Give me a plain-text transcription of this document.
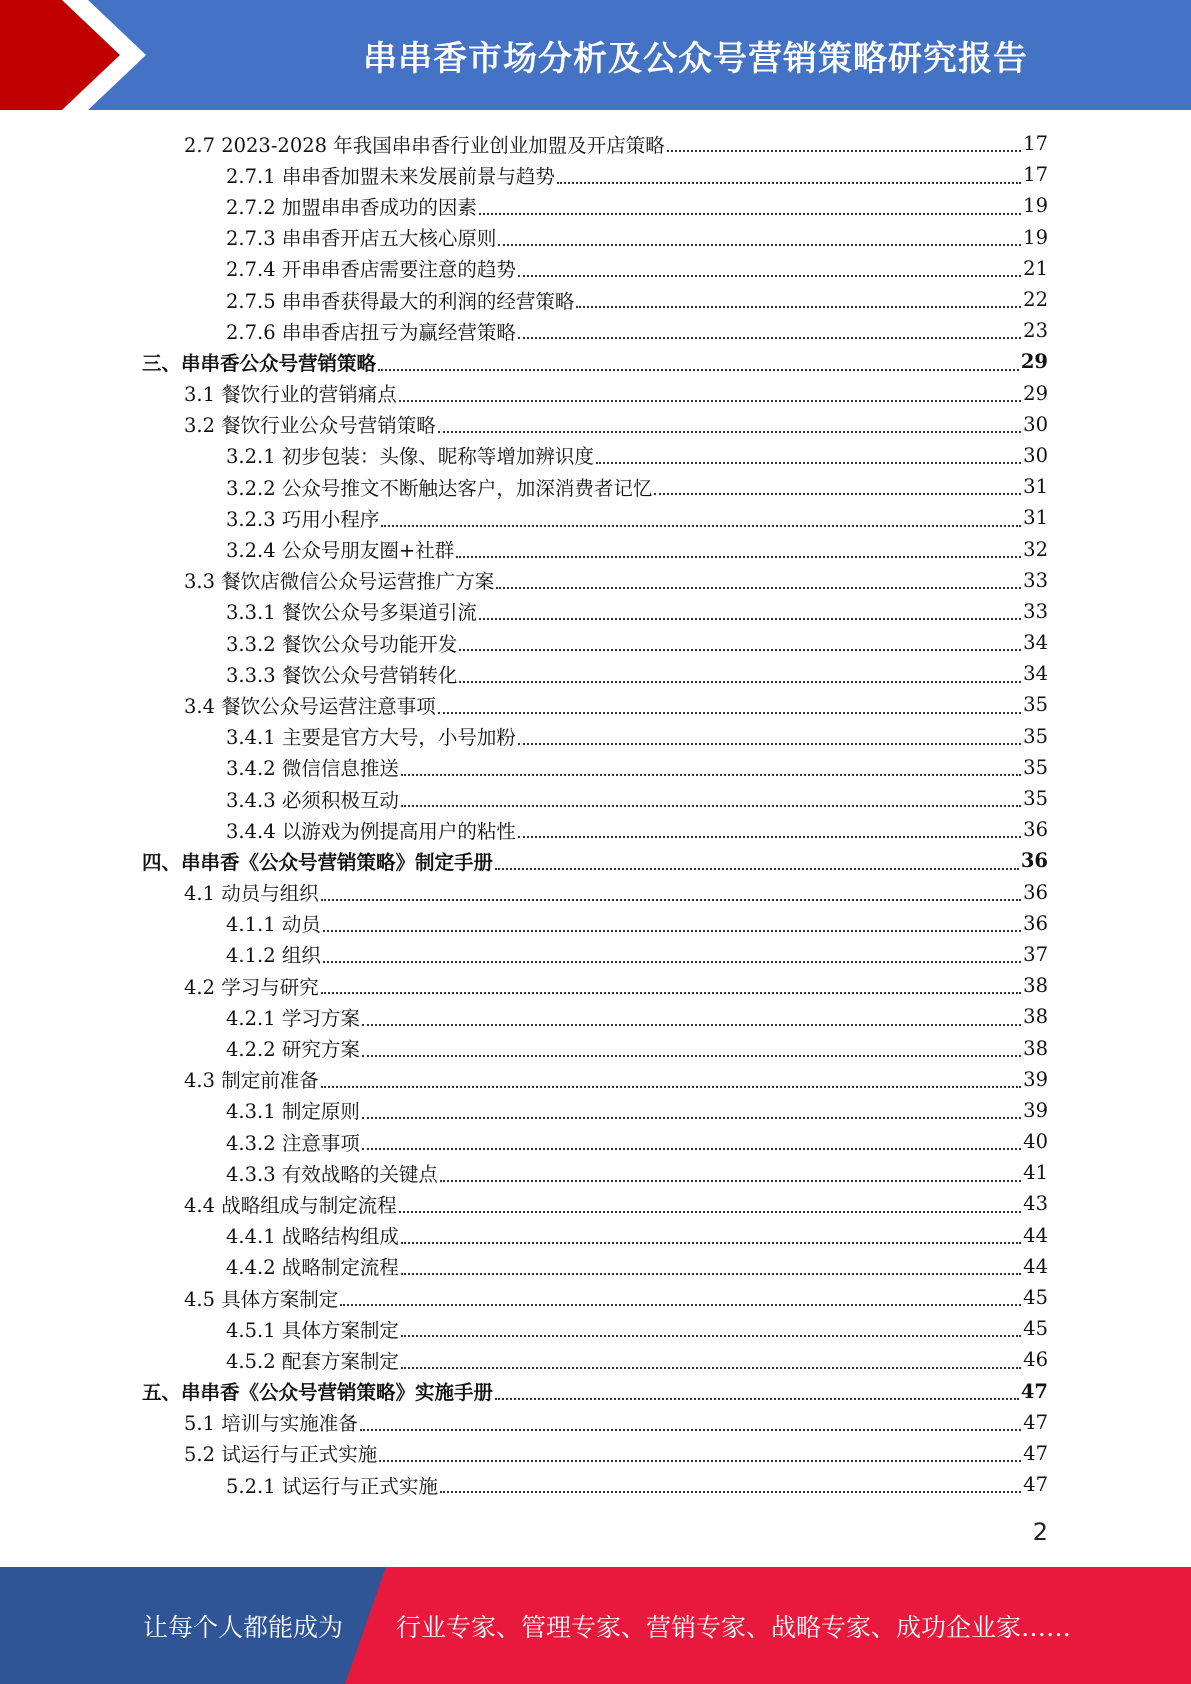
串串香市场分析及公众号营销策略研究报告
2.7 2023-2028 年我国串串香行业创业加盟及开店策略	17
2.7.1 串串香加盟未来发展前景与趋势	17
2.7.2 加盟串串香成功的因素	19
2.7.3 串串香开店五大核心原则	19
2.7.4 开串串香店需要注意的趋势	21
2.7.5 串串香获得最大的利润的经营策略	22
2.7.6 串串香店扭亏为赢经营策略	23
三、串串香公众号营销策略	29
3.1 餐饮行业的营销痛点	29
3.2 餐饮行业公众号营销策略	30
3.2.1 初步包装：头像、昵称等增加辨识度	30
3.2.2 公众号推文不断触达客户，加深消费者记忆	31
3.2.3 巧用小程序	31
3.2.4 公众号朋友圈+社群	32
3.3 餐饮店微信公众号运营推广方案	33
3.3.1 餐饮公众号多渠道引流	33
3.3.2 餐饮公众号功能开发	34
3.3.3 餐饮公众号营销转化	34
3.4 餐饮公众号运营注意事项	35
3.4.1 主要是官方大号，小号加粉	35
3.4.2 微信信息推送	35
3.4.3 必须积极互动	35
3.4.4 以游戏为例提高用户的粘性	36
四、串串香《公众号营销策略》制定手册	36
4.1 动员与组织	36
4.1.1 动员	36
4.1.2 组织	37
4.2 学习与研究	38
4.2.1 学习方案	38
4.2.2 研究方案	38
4.3 制定前准备	39
4.3.1 制定原则	39
4.3.2 注意事项	40
4.3.3 有效战略的关键点	41
4.4 战略组成与制定流程	43
4.4.1 战略结构组成	44
4.4.2 战略制定流程	44
4.5 具体方案制定	45
4.5.1 具体方案制定	45
4.5.2 配套方案制定	46
五、串串香《公众号营销策略》实施手册	47
5.1 培训与实施准备	47
5.2 试运行与正式实施	47
5.2.1 试运行与正式实施	47
2
让每个人都能成为 行业专家、管理专家、营销专家、战略专家、成功企业家……
